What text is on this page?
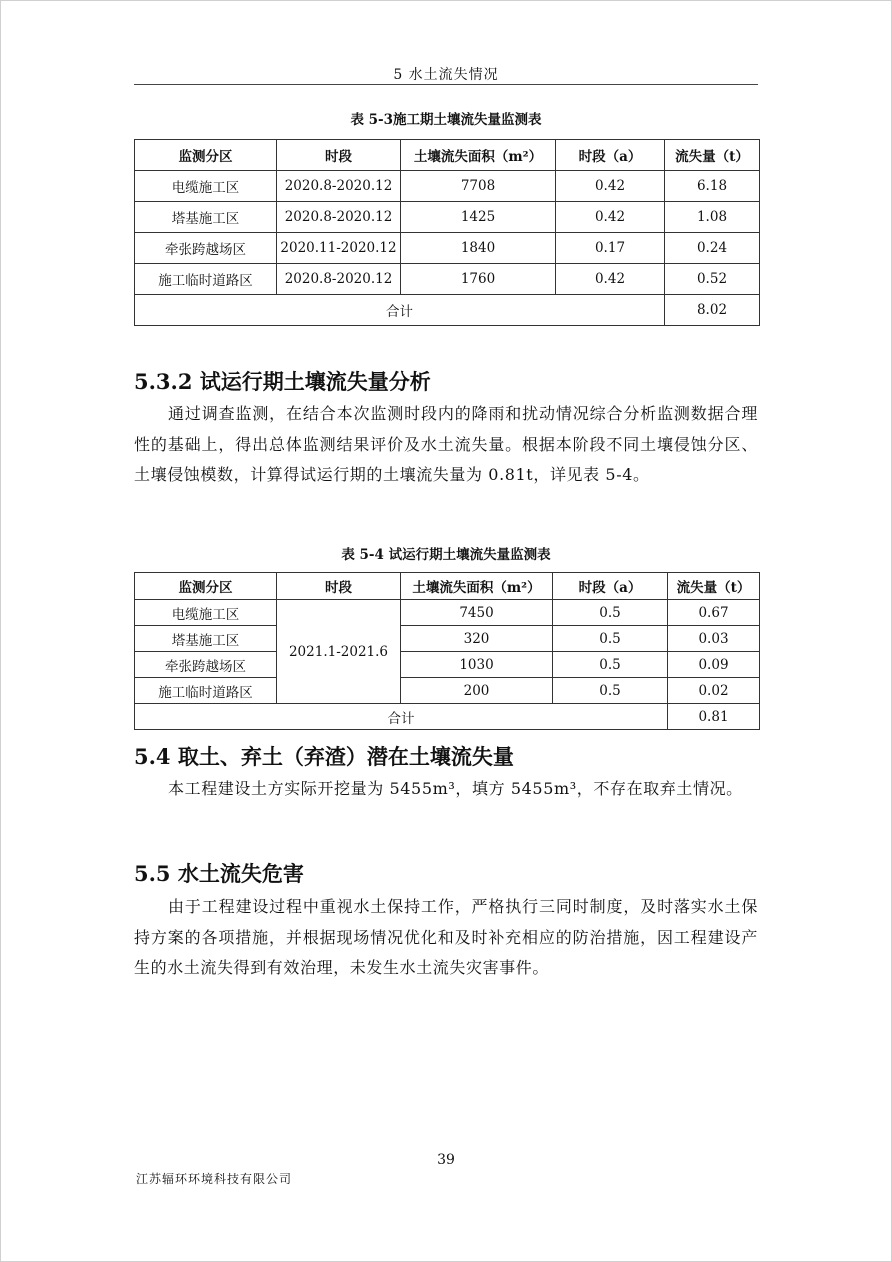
5 水土流失情况
表 5-3施工期土壤流失量监测表
监测分区	时段	土壤流失面积（m²）	时段（a）	流失量（t）
电缆施工区	2020.8-2020.12	7708	0.42	6.18
塔基施工区	2020.8-2020.12	1425	0.42	1.08
牵张跨越场区	2020.11-2020.12	1840	0.17	0.24
施工临时道路区	2020.8-2020.12	1760	0.42	0.52
合计				8.02
5.3.2 试运行期土壤流失量分析
通过调查监测，在结合本次监测时段内的降雨和扰动情况综合分析监测数据合理性的基础上，得出总体监测结果评价及水土流失量。根据本阶段不同土壤侵蚀分区、土壤侵蚀模数，计算得试运行期的土壤流失量为 0.81t，详见表 5-4。
表 5-4 试运行期土壤流失量监测表
监测分区	时段	土壤流失面积（m²）	时段（a）	流失量（t）
电缆施工区	2021.1-2021.6	7450	0.5	0.67
塔基施工区		320	0.5	0.03
牵张跨越场区		1030	0.5	0.09
施工临时道路区		200	0.5	0.02
合计				0.81
5.4 取土、弃土（弃渣）潜在土壤流失量
本工程建设土方实际开挖量为 5455m³，填方 5455m³，不存在取弃土情况。
5.5 水土流失危害
由于工程建设过程中重视水土保持工作，严格执行三同时制度，及时落实水土保持方案的各项措施，并根据现场情况优化和及时补充相应的防治措施，因工程建设产生的水土流失得到有效治理，未发生水土流失灾害事件。
39
江苏辐环环境科技有限公司
